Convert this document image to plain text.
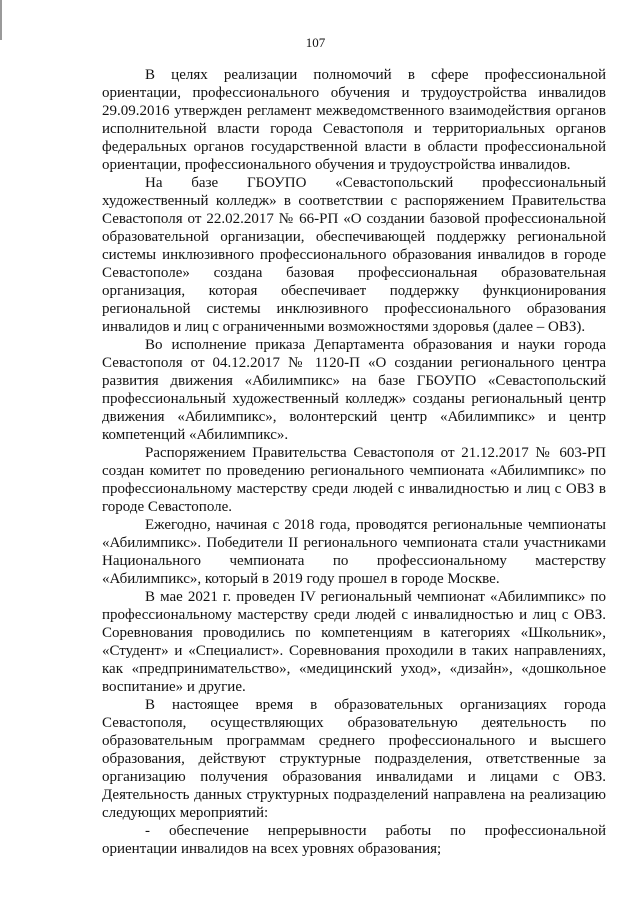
107

В целях реализации полномочий в сфере профессиональной ориентации, профессионального обучения и трудоустройства инвалидов 29.09.2016 утвержден регламент межведомственного взаимодействия органов исполнительной власти города Севастополя и территориальных органов федеральных органов государственной власти в области профессиональной ориентации, профессионального обучения и трудоустройства инвалидов.

На базе ГБОУПО «Севастопольский профессиональный художественный колледж» в соответствии с распоряжением Правительства Севастополя от 22.02.2017 № 66-РП «О создании базовой профессиональной образовательной организации, обеспечивающей поддержку региональной системы инклюзивного профессионального образования инвалидов в городе Севастополе» создана базовая профессиональная образовательная организация, которая обеспечивает поддержку функционирования региональной системы инклюзивного профессионального образования инвалидов и лиц с ограниченными возможностями здоровья (далее – ОВЗ).

Во исполнение приказа Департамента образования и науки города Севастополя от 04.12.2017 № 1120-П «О создании регионального центра развития движения «Абилимпикс» на базе ГБОУПО «Севастопольский профессиональный художественный колледж» созданы региональный центр движения «Абилимпикс», волонтерский центр «Абилимпикс» и центр компетенций «Абилимпикс».

Распоряжением Правительства Севастополя от 21.12.2017 № 603-РП создан комитет по проведению регионального чемпионата «Абилимпикс» по профессиональному мастерству среди людей с инвалидностью и лиц с ОВЗ в городе Севастополе.

Ежегодно, начиная с 2018 года, проводятся региональные чемпионаты «Абилимпикс». Победители II регионального чемпионата стали участниками Национального чемпионата по профессиональному мастерству «Абилимпикс», который в 2019 году прошел в городе Москве.

В мае 2021 г. проведен IV региональный чемпионат «Абилимпикс» по профессиональному мастерству среди людей с инвалидностью и лиц с ОВЗ. Соревнования проводились по компетенциям в категориях «Школьник», «Студент» и «Специалист». Соревнования проходили в таких направлениях, как «предпринимательство», «медицинский уход», «дизайн», «дошкольное воспитание» и другие.

В настоящее время в образовательных организациях города Севастополя, осуществляющих образовательную деятельность по образовательным программам среднего профессионального и высшего образования, действуют структурные подразделения, ответственные за организацию получения образования инвалидами и лицами с ОВЗ. Деятельность данных структурных подразделений направлена на реализацию следующих мероприятий:

- обеспечение непрерывности работы по профессиональной ориентации инвалидов на всех уровнях образования;
